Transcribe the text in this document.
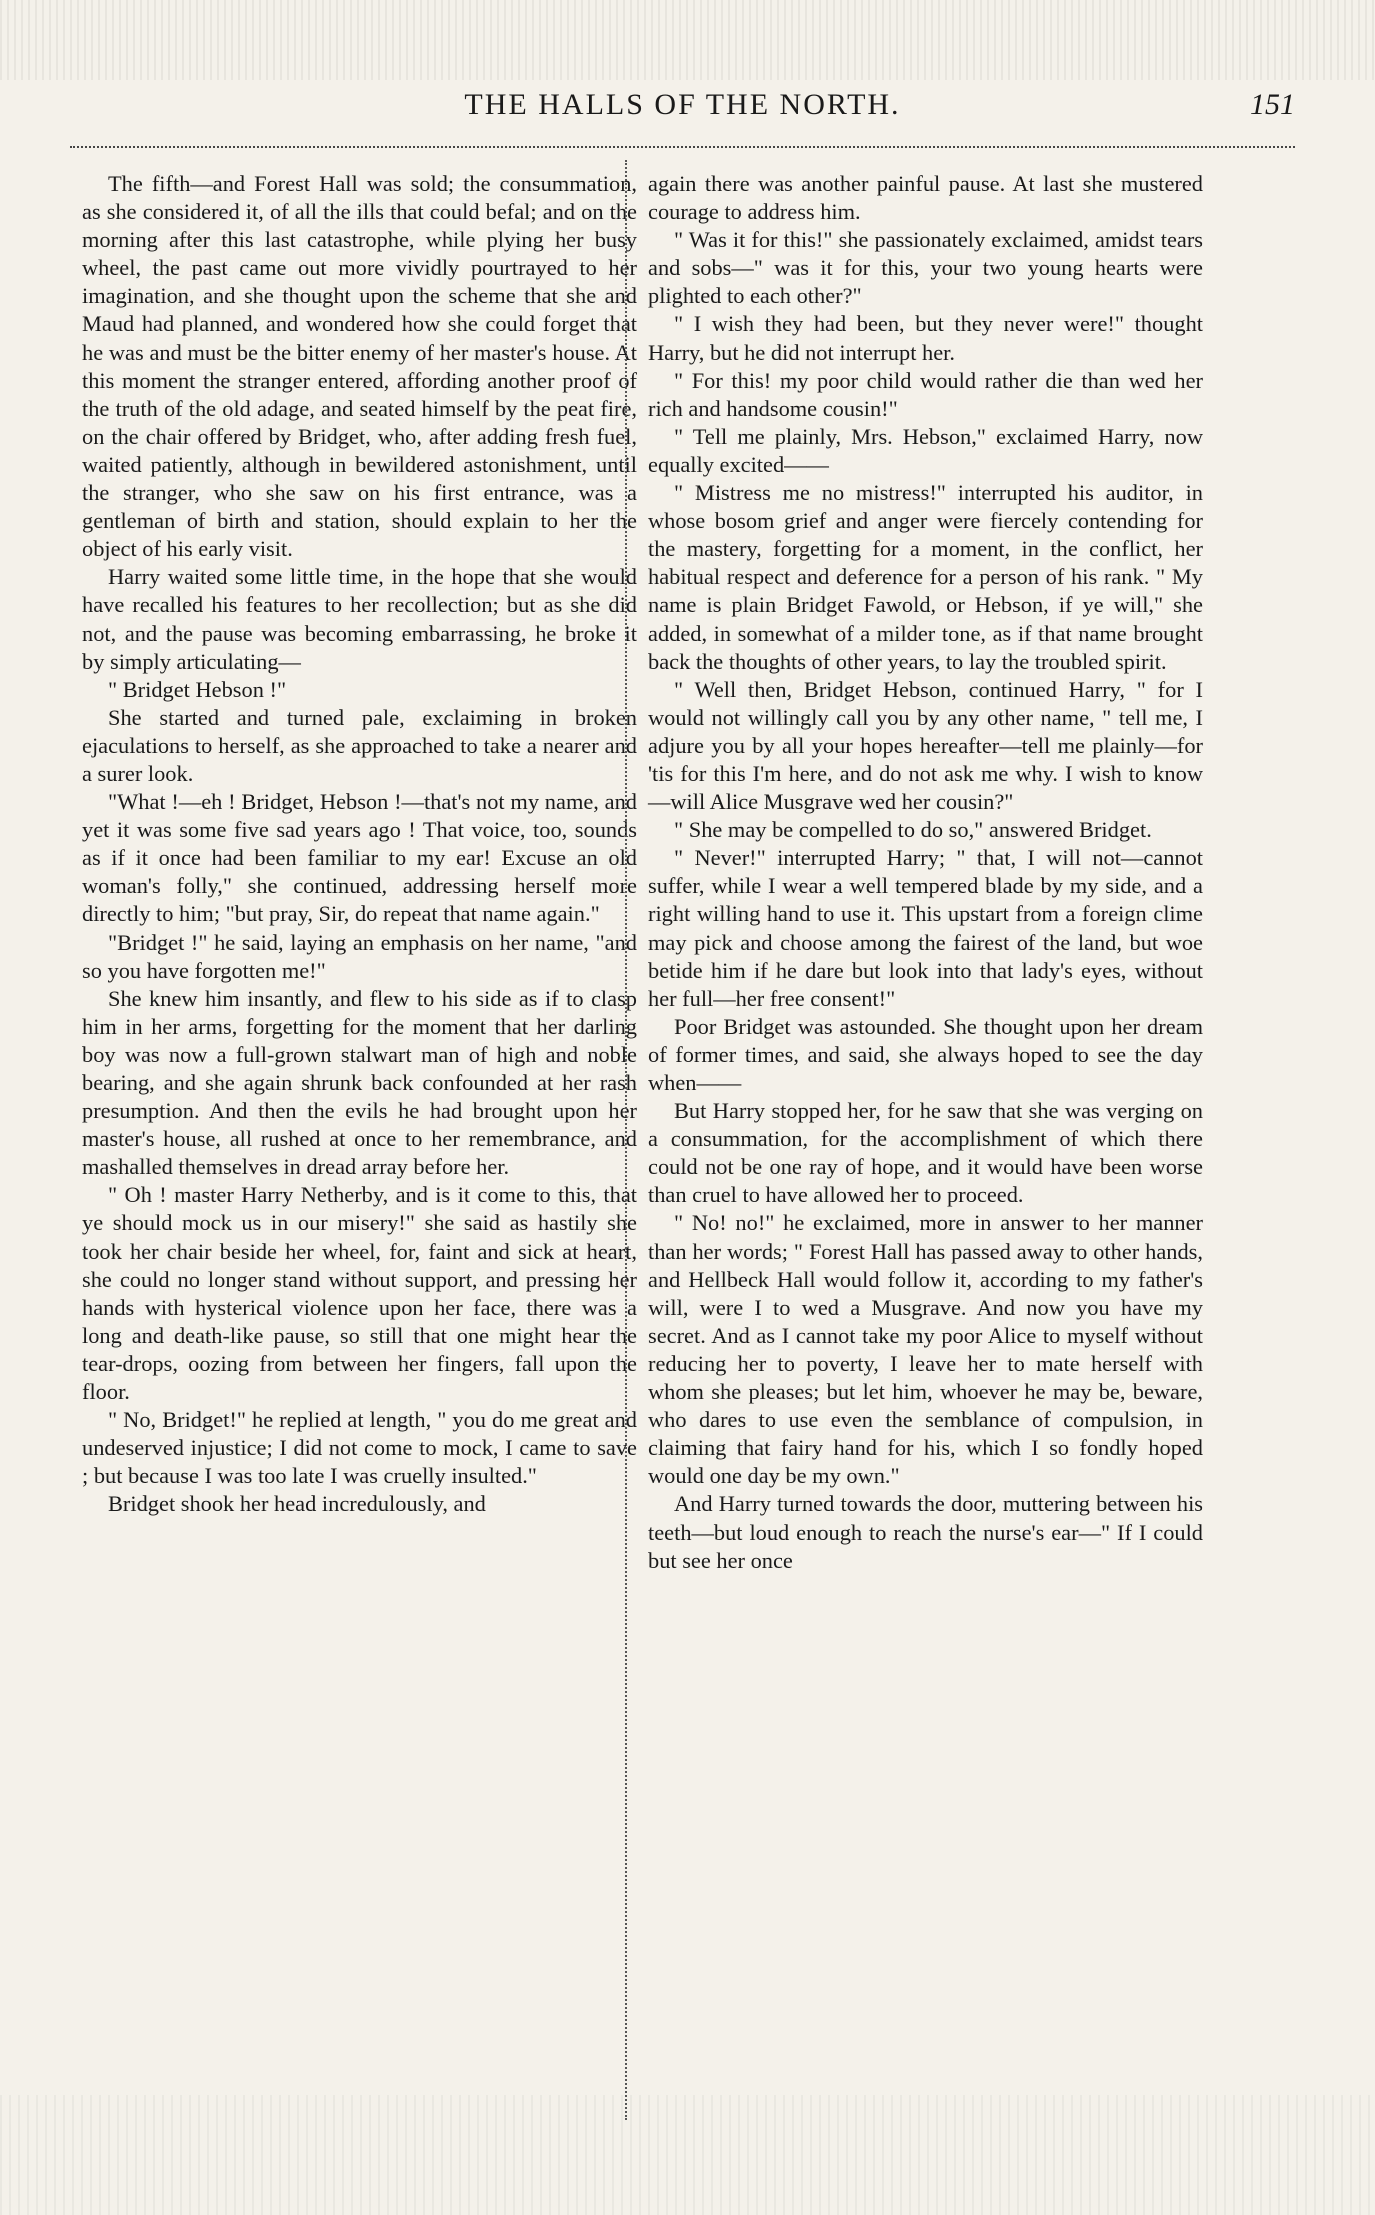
THE HALLS OF THE NORTH.	151

The fifth—and Forest Hall was sold; the consummation, as she considered it, of all the ills that could befal; and on the morning after this last catastrophe, while plying her busy wheel, the past came out more vividly pourtrayed to her imagination, and she thought upon the scheme that she and Maud had planned, and wondered how she could forget that he was and must be the bitter enemy of her master's house. At this moment the stranger entered, affording another proof of the truth of the old adage, and seated himself by the peat fire, on the chair offered by Bridget, who, after adding fresh fuel, waited patiently, although in bewildered astonishment, until the stranger, who she saw on his first entrance, was a gentleman of birth and station, should explain to her the object of his early visit.

Harry waited some little time, in the hope that she would have recalled his features to her recollection; but as she did not, and the pause was becoming embarrassing, he broke it by simply articulating—

" Bridget Hebson !"

She started and turned pale, exclaiming in broken ejaculations to herself, as she approached to take a nearer and a surer look.

"What !—eh ! Bridget, Hebson !—that's not my name, and yet it was some five sad years ago ! That voice, too, sounds as if it once had been familiar to my ear! Excuse an old woman's folly," she continued, addressing herself more directly to him; "but pray, Sir, do repeat that name again."

"Bridget !" he said, laying an emphasis on her name, "and so you have forgotten me!"

She knew him insantly, and flew to his side as if to clasp him in her arms, forgetting for the moment that her darling boy was now a full-grown stalwart man of high and noble bearing, and she again shrunk back confounded at her rash presumption. And then the evils he had brought upon her master's house, all rushed at once to her remembrance, and mashalled themselves in dread array before her.

" Oh ! master Harry Netherby, and is it come to this, that ye should mock us in our misery!" she said as hastily she took her chair beside her wheel, for, faint and sick at heart, she could no longer stand without support, and pressing her hands with hysterical violence upon her face, there was a long and death-like pause, so still that one might hear the tear-drops, oozing from between her fingers, fall upon the floor.

" No, Bridget!" he replied at length, " you do me great and undeserved injustice; I did not come to mock, I came to save ; but because I was too late I was cruelly insulted."

Bridget shook her head incredulously, and

again there was another painful pause. At last she mustered courage to address him.

" Was it for this!" she passionately exclaimed, amidst tears and sobs—" was it for this, your two young hearts were plighted to each other?"

" I wish they had been, but they never were!" thought Harry, but he did not interrupt her.

" For this! my poor child would rather die than wed her rich and handsome cousin!"

" Tell me plainly, Mrs. Hebson," exclaimed Harry, now equally excited——

" Mistress me no mistress!" interrupted his auditor, in whose bosom grief and anger were fiercely contending for the mastery, forgetting for a moment, in the conflict, her habitual respect and deference for a person of his rank. " My name is plain Bridget Fawold, or Hebson, if ye will," she added, in somewhat of a milder tone, as if that name brought back the thoughts of other years, to lay the troubled spirit.

" Well then, Bridget Hebson, continued Harry, " for I would not willingly call you by any other name, " tell me, I adjure you by all your hopes hereafter—tell me plainly—for 'tis for this I'm here, and do not ask me why. I wish to know—will Alice Musgrave wed her cousin?"

" She may be compelled to do so," answered Bridget.

" Never!" interrupted Harry; " that, I will not—cannot suffer, while I wear a well tempered blade by my side, and a right willing hand to use it. This upstart from a foreign clime may pick and choose among the fairest of the land, but woe betide him if he dare but look into that lady's eyes, without her full—her free consent!"

Poor Bridget was astounded. She thought upon her dream of former times, and said, she always hoped to see the day when——

But Harry stopped her, for he saw that she was verging on a consummation, for the accomplishment of which there could not be one ray of hope, and it would have been worse than cruel to have allowed her to proceed.

" No! no!" he exclaimed, more in answer to her manner than her words; " Forest Hall has passed away to other hands, and Hellbeck Hall would follow it, according to my father's will, were I to wed a Musgrave. And now you have my secret. And as I cannot take my poor Alice to myself without reducing her to poverty, I leave her to mate herself with whom she pleases; but let him, whoever he may be, beware, who dares to use even the semblance of compulsion, in claiming that fairy hand for his, which I so fondly hoped would one day be my own."

And Harry turned towards the door, muttering between his teeth—but loud enough to reach the nurse's ear—" If I could but see her once
